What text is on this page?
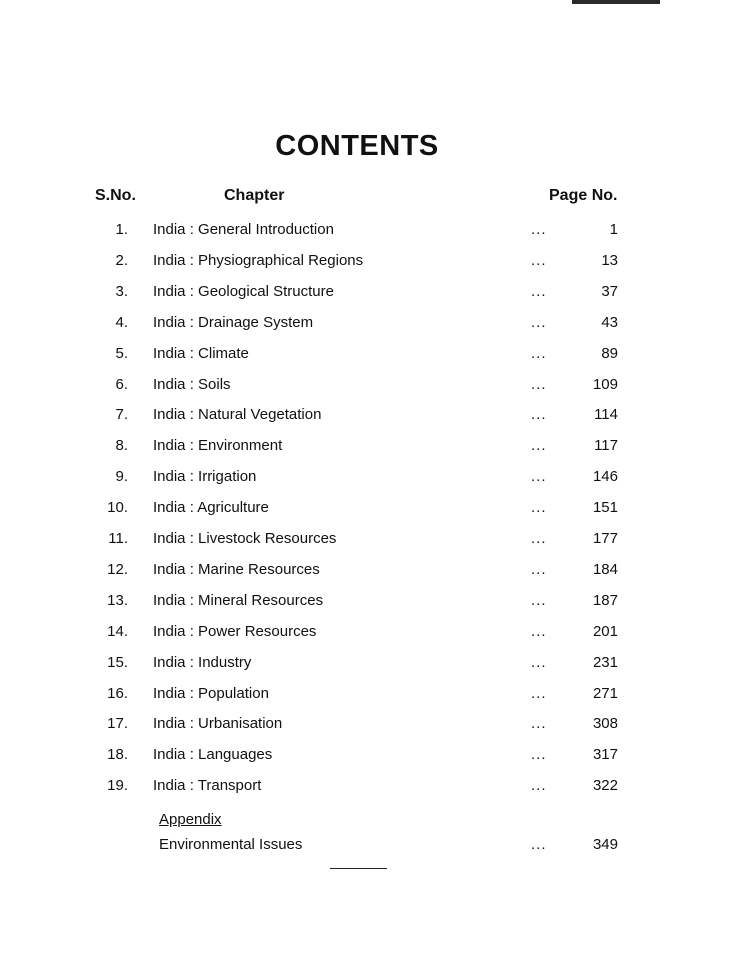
CONTENTS
S.No.	Chapter	Page No.
1. India : General Introduction	...	1
2. India : Physiographical Regions	...	13
3. India : Geological Structure	...	37
4. India : Drainage System	...	43
5. India : Climate	...	89
6. India : Soils	...	109
7. India : Natural Vegetation	...	114
8. India : Environment	...	117
9. India : Irrigation	...	146
10. India : Agriculture	...	151
11. India : Livestock Resources	...	177
12. India : Marine Resources	...	184
13. India : Mineral Resources	...	187
14. India : Power Resources	...	201
15. India : Industry	...	231
16. India : Population	...	271
17. India : Urbanisation	...	308
18. India : Languages	...	317
19. India : Transport	...	322
Appendix
Environmental Issues	...	349
